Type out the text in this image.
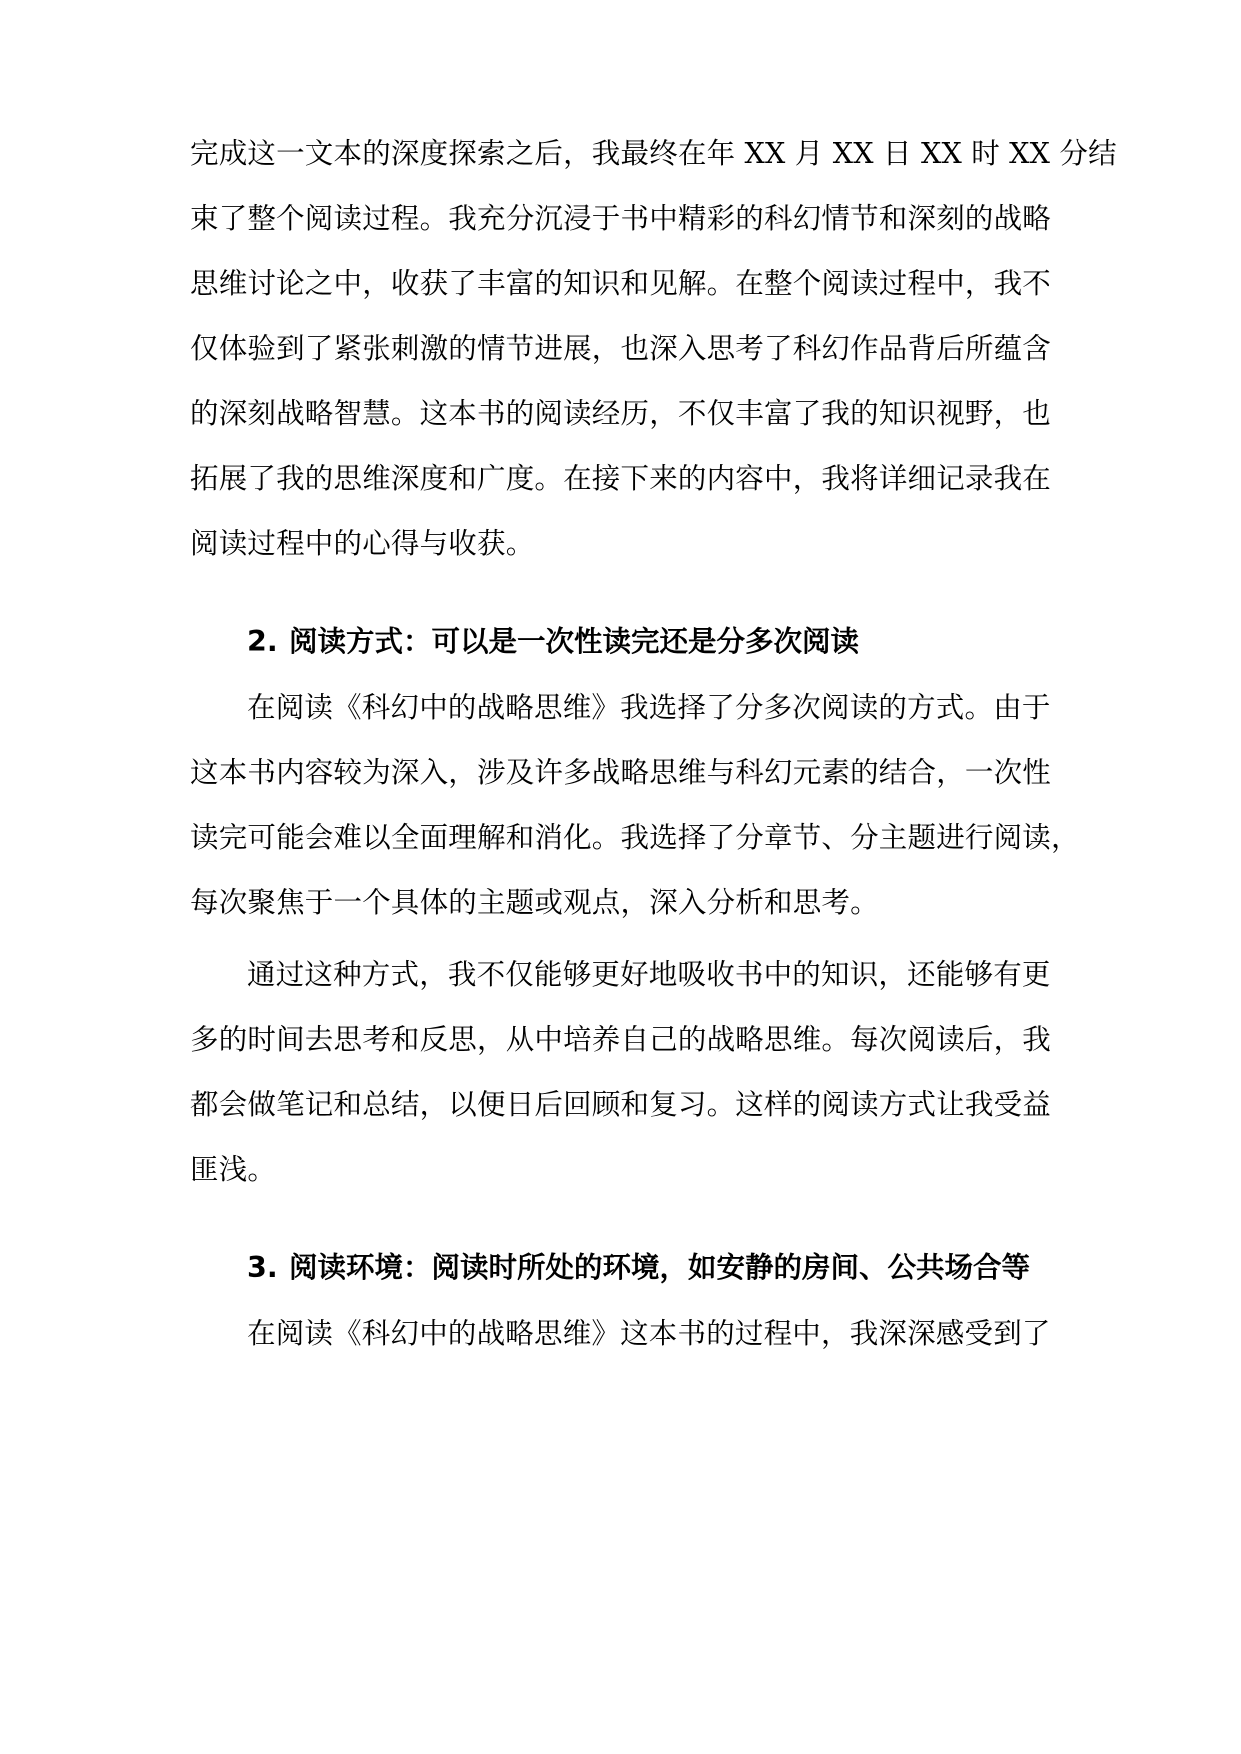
完成这一文本的深度探索之后，我最终在年 XX 月 XX 日 XX 时 XX 分结
束了整个阅读过程。我充分沉浸于书中精彩的科幻情节和深刻的战略
思维讨论之中，收获了丰富的知识和见解。在整个阅读过程中，我不
仅体验到了紧张刺激的情节进展，也深入思考了科幻作品背后所蕴含
的深刻战略智慧。这本书的阅读经历，不仅丰富了我的知识视野，也
拓展了我的思维深度和广度。在接下来的内容中，我将详细记录我在
阅读过程中的心得与收获。
2. 阅读方式：可以是一次性读完还是分多次阅读
在阅读《科幻中的战略思维》我选择了分多次阅读的方式。由于
这本书内容较为深入，涉及许多战略思维与科幻元素的结合，一次性
读完可能会难以全面理解和消化。我选择了分章节、分主题进行阅读，
每次聚焦于一个具体的主题或观点，深入分析和思考。
通过这种方式，我不仅能够更好地吸收书中的知识，还能够有更
多的时间去思考和反思，从中培养自己的战略思维。每次阅读后，我
都会做笔记和总结，以便日后回顾和复习。这样的阅读方式让我受益
匪浅。
3. 阅读环境：阅读时所处的环境，如安静的房间、公共场合等
在阅读《科幻中的战略思维》这本书的过程中，我深深感受到了
